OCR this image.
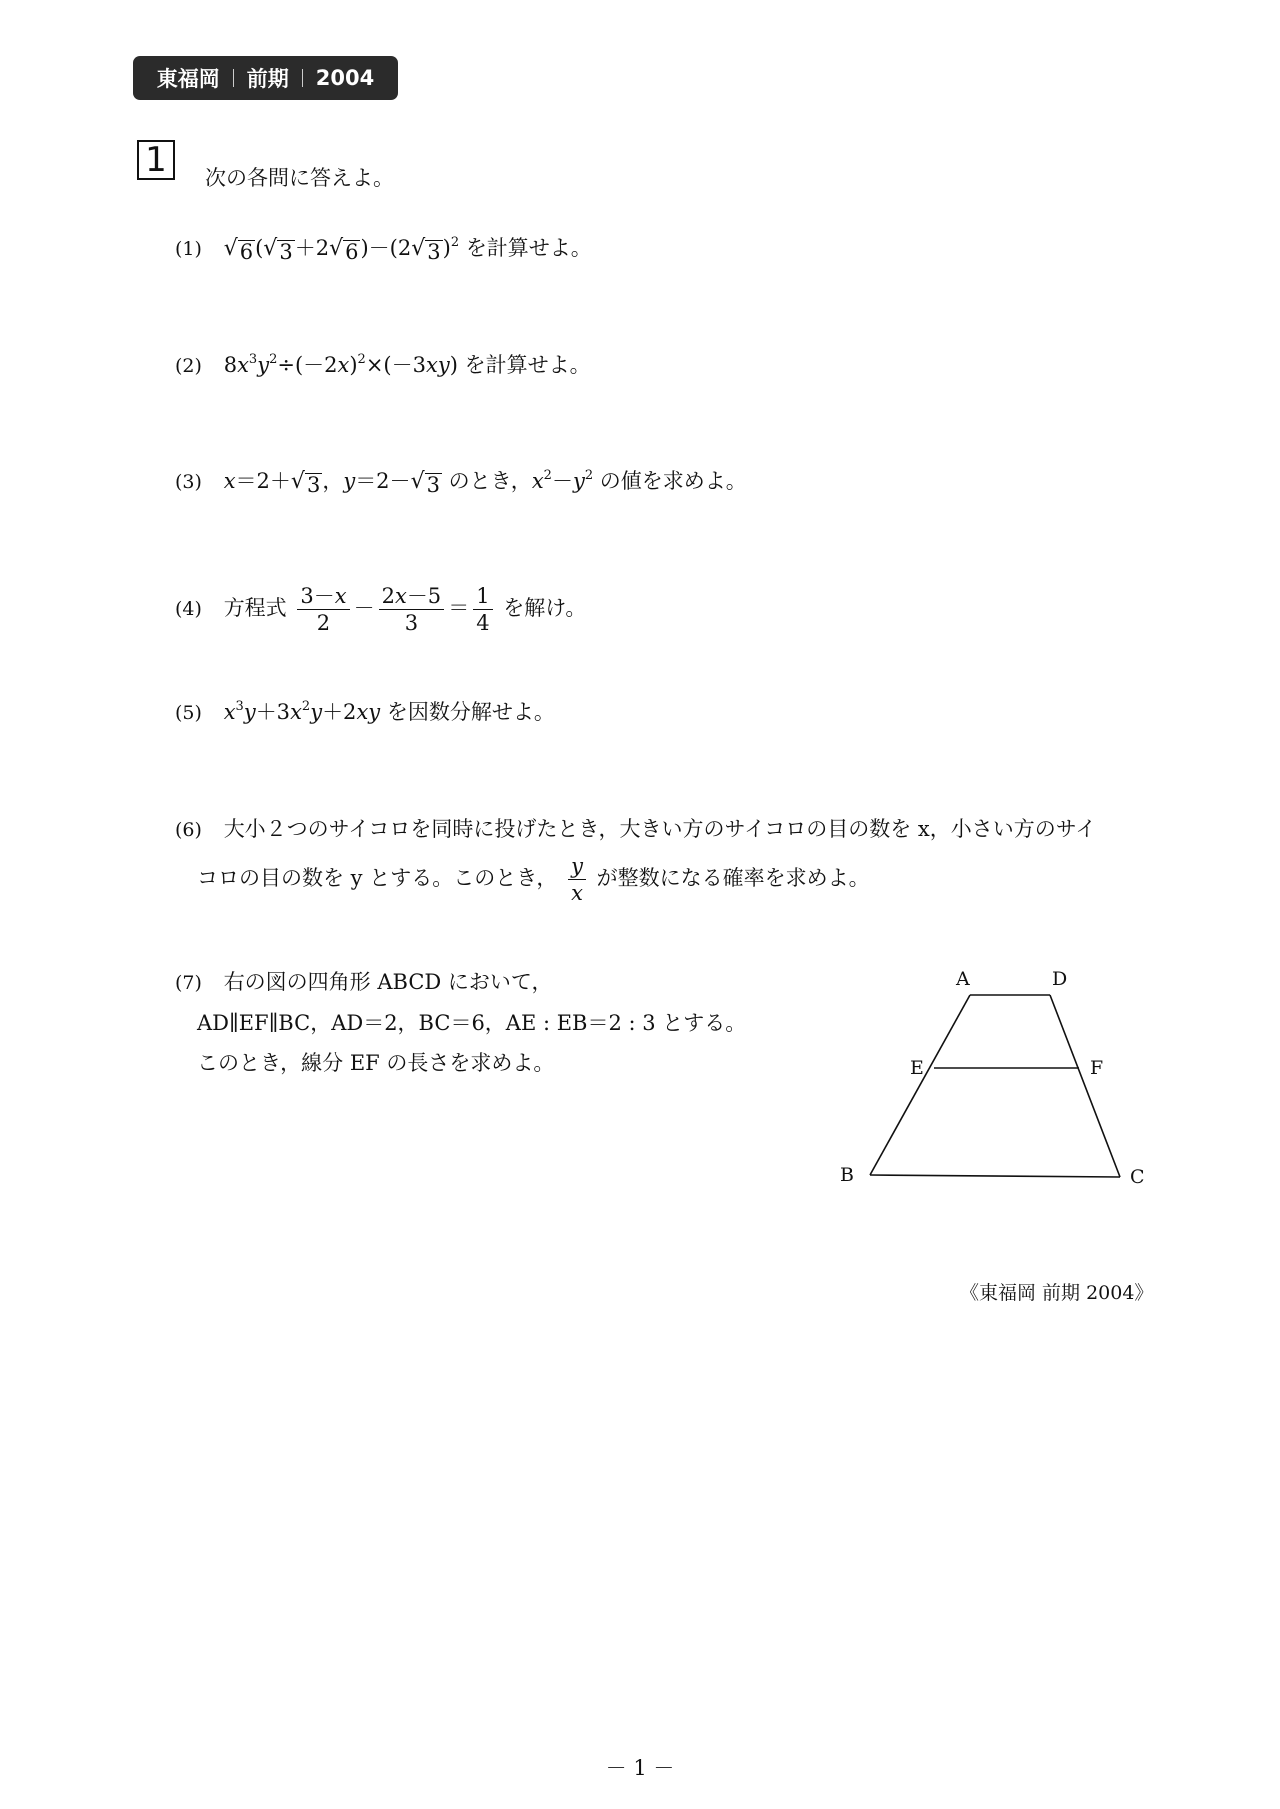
東福岡 前期 2004
1	次の各問に答えよ。
(1) √ 6 ( √ 3 ＋2 √ 6 )－(2 √ 3 )$^2$ を計算せよ。
(2) $8x^3y^2\div(-2x)^2\times(-3xy)$ を計算せよ。
(3) x＝2＋ √ 3 ，y＝2－ √ 3 のとき，$x^2-y^2$ の値を求めよ。
(4) 方程式 $\frac{3-x}{2} - \frac{2x-5}{3} = \frac{1}{4}$ を解け。
(5) $x^3y+3x^2y+2xy$ を因数分解せよ。
(6) 大小２つのサイコロを同時に投げたとき，大きい方のサイコロの目の数を x，小さい方のサイ
コロの目の数を y とする。このとき， $\frac{y}{x}$ が整数になる確率を求めよ。
(7) 右の図の四角形 ABCD において，
AD∥EF∥BC，AD＝2，BC＝6，AE : EB＝2 : 3 とする。
このとき，線分 EF の長さを求めよ。
A	D
E	F
B	C
《東福岡 前期 2004》
－ 1 －
